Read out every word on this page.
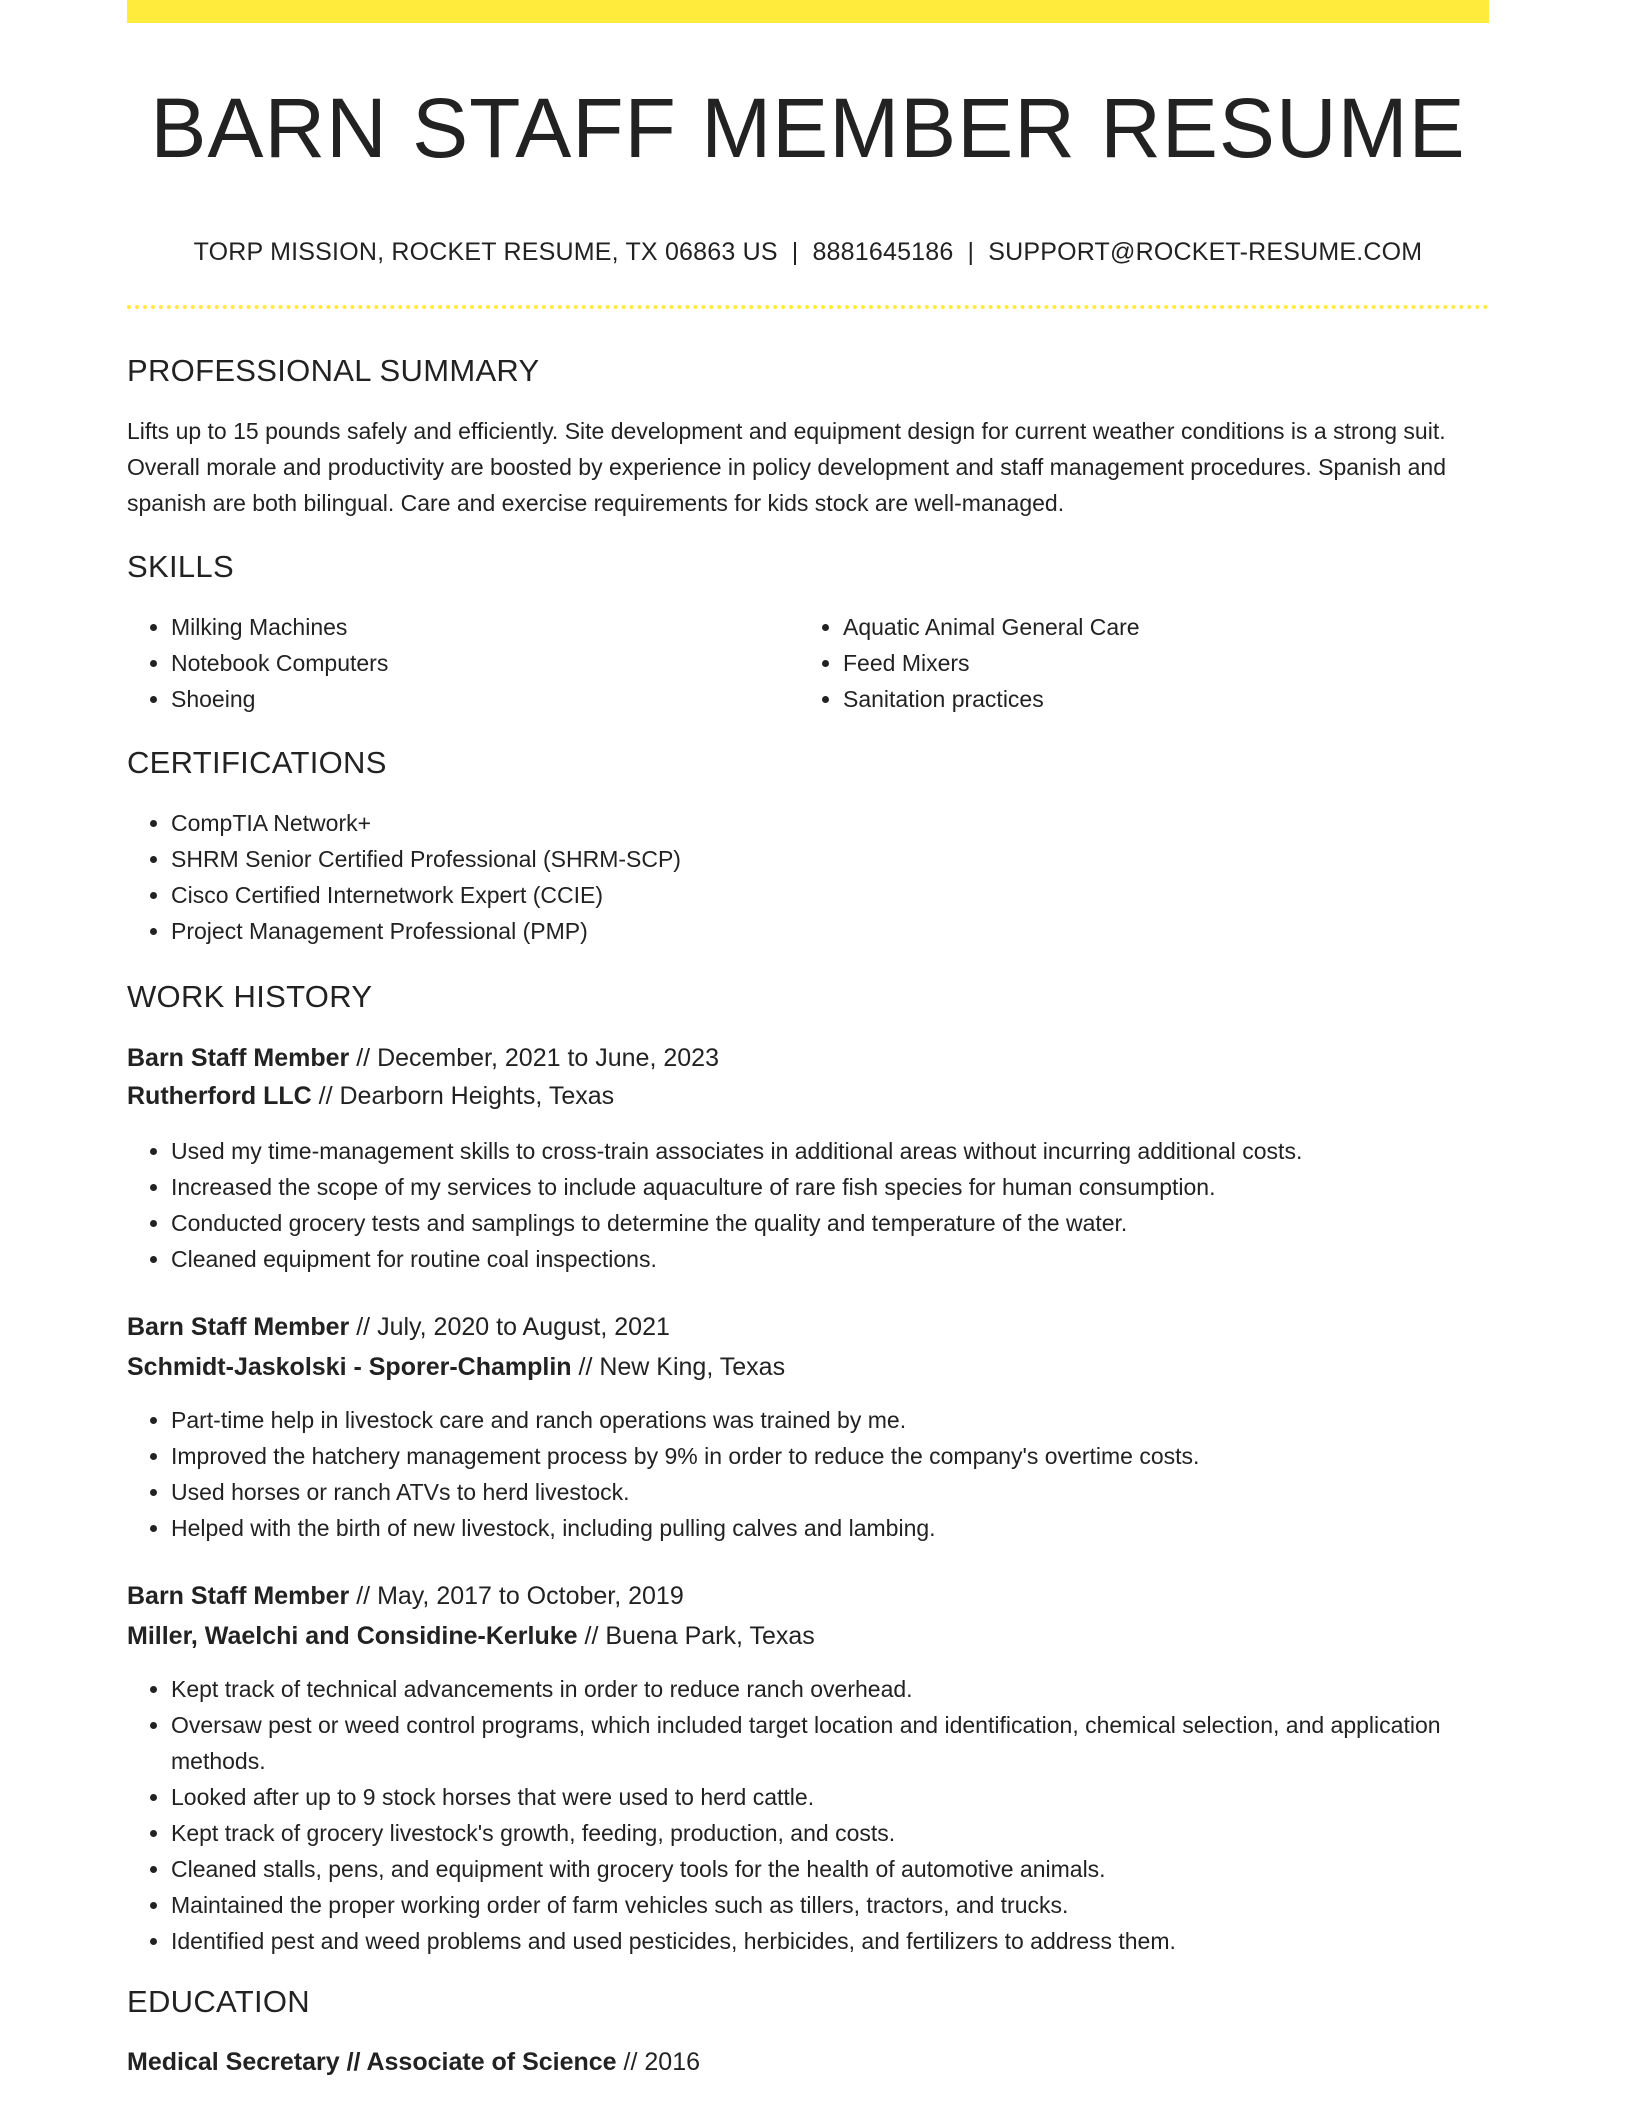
BARN STAFF MEMBER RESUME
TORP MISSION, ROCKET RESUME, TX 06863 US | 8881645186 | SUPPORT@ROCKET-RESUME.COM
PROFESSIONAL SUMMARY
Lifts up to 15 pounds safely and efficiently. Site development and equipment design for current weather conditions is a strong suit. Overall morale and productivity are boosted by experience in policy development and staff management procedures. Spanish and spanish are both bilingual. Care and exercise requirements for kids stock are well-managed.
SKILLS
• Milking Machines
• Notebook Computers
• Shoeing
• Aquatic Animal General Care
• Feed Mixers
• Sanitation practices
CERTIFICATIONS
• CompTIA Network+
• SHRM Senior Certified Professional (SHRM-SCP)
• Cisco Certified Internetwork Expert (CCIE)
• Project Management Professional (PMP)
WORK HISTORY
Barn Staff Member // December, 2021 to June, 2023
Rutherford LLC // Dearborn Heights, Texas
• Used my time-management skills to cross-train associates in additional areas without incurring additional costs.
• Increased the scope of my services to include aquaculture of rare fish species for human consumption.
• Conducted grocery tests and samplings to determine the quality and temperature of the water.
• Cleaned equipment for routine coal inspections.
Barn Staff Member // July, 2020 to August, 2021
Schmidt-Jaskolski - Sporer-Champlin // New King, Texas
• Part-time help in livestock care and ranch operations was trained by me.
• Improved the hatchery management process by 9% in order to reduce the company's overtime costs.
• Used horses or ranch ATVs to herd livestock.
• Helped with the birth of new livestock, including pulling calves and lambing.
Barn Staff Member // May, 2017 to October, 2019
Miller, Waelchi and Considine-Kerluke // Buena Park, Texas
• Kept track of technical advancements in order to reduce ranch overhead.
• Oversaw pest or weed control programs, which included target location and identification, chemical selection, and application methods.
• Looked after up to 9 stock horses that were used to herd cattle.
• Kept track of grocery livestock's growth, feeding, production, and costs.
• Cleaned stalls, pens, and equipment with grocery tools for the health of automotive animals.
• Maintained the proper working order of farm vehicles such as tillers, tractors, and trucks.
• Identified pest and weed problems and used pesticides, herbicides, and fertilizers to address them.
EDUCATION
Medical Secretary // Associate of Science // 2016
